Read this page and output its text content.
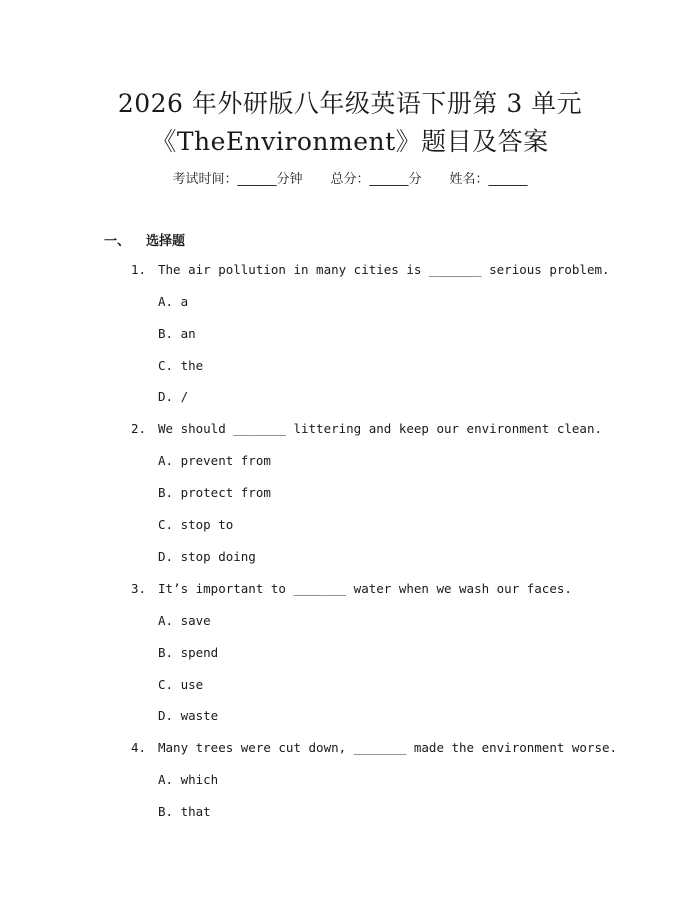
2026 年外研版八年级英语下册第 3 单元
《TheEnvironment》题目及答案
考试时间：______分钟 总分：______分 姓名：______
一、 选择题
1. The air pollution in many cities is _______ serious problem.
A. a
B. an
C. the
D. /
2. We should _______ littering and keep our environment clean.
A. prevent from
B. protect from
C. stop to
D. stop doing
3. It’s important to _______ water when we wash our faces.
A. save
B. spend
C. use
D. waste
4. Many trees were cut down, _______ made the environment worse.
A. which
B. that
